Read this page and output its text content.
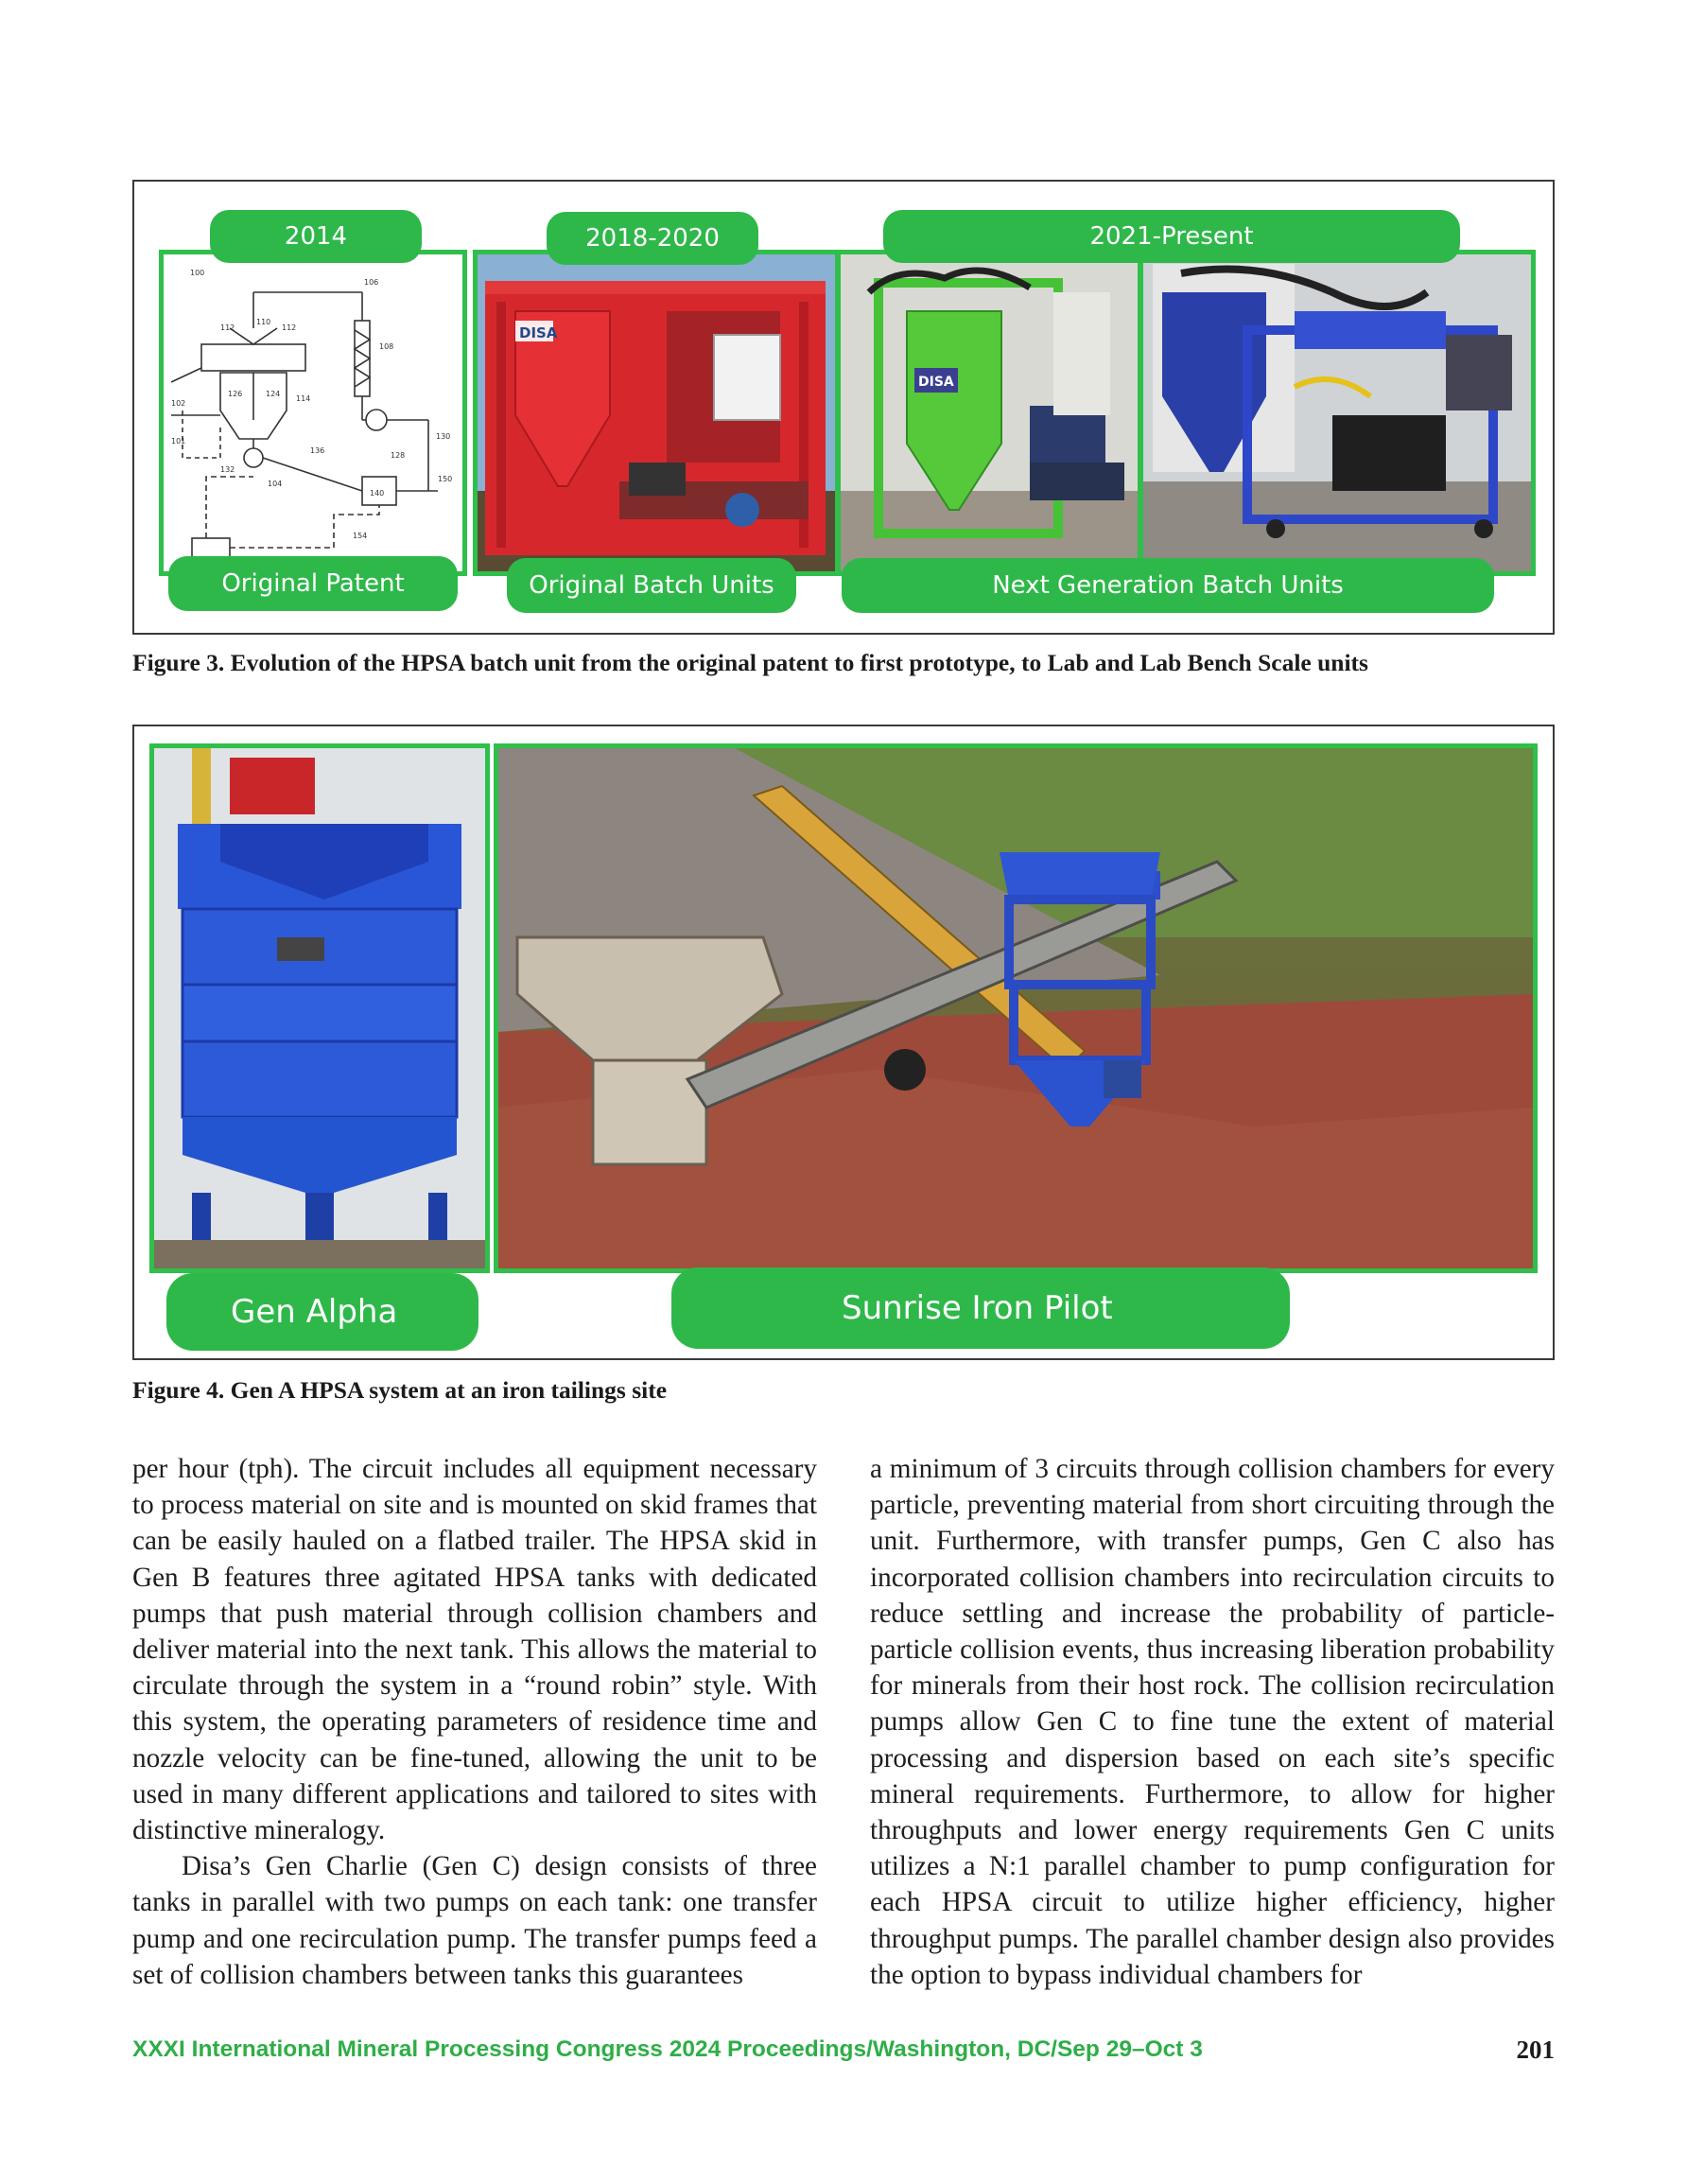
100
106
112
110
112
108
114
126	124
102
101
128
130
150
140
104
154
136
132
DISA
DISA
2014	2018-2020	2021-Present
Original Patent	Original Batch Units	Next Generation Batch Units
Figure 3. Evolution of the HPSA batch unit from the original patent to first prototype, to Lab and Lab Bench Scale units
Gen Alpha	Sunrise Iron Pilot
Figure 4. Gen A HPSA system at an iron tailings site

per hour (tph). The circuit includes all equipment necessary to process material on site and is mounted on skid frames that can be easily hauled on a flatbed trailer. The HPSA skid in Gen B features three agitated HPSA tanks with dedicated pumps that push material through collision chambers and deliver material into the next tank. This allows the material to circulate through the system in a “round robin” style. With this system, the operating parameters of residence time and nozzle velocity can be fine-tuned, allowing the unit to be used in many different applications and tailored to sites with distinctive mineralogy.

Disa’s Gen Charlie (Gen C) design consists of three tanks in parallel with two pumps on each tank: one transfer pump and one recirculation pump. The transfer pumps feed a set of collision chambers between tanks this guarantees

a minimum of 3 circuits through collision chambers for every particle, preventing material from short circuiting through the unit. Furthermore, with transfer pumps, Gen C also has incorporated collision chambers into recirculation circuits to reduce settling and increase the probability of particle-particle collision events, thus increasing liberation probability for minerals from their host rock. The collision recirculation pumps allow Gen C to fine tune the extent of material processing and dispersion based on each site’s specific mineral requirements. Furthermore, to allow for higher throughputs and lower energy requirements Gen C units utilizes a N:1 parallel chamber to pump configuration for each HPSA circuit to utilize higher efficiency, higher throughput pumps. The parallel chamber design also provides the option to bypass individual chambers for

XXXI International Mineral Processing Congress 2024 Proceedings/Washington, DC/Sep 29–Oct 3	201
